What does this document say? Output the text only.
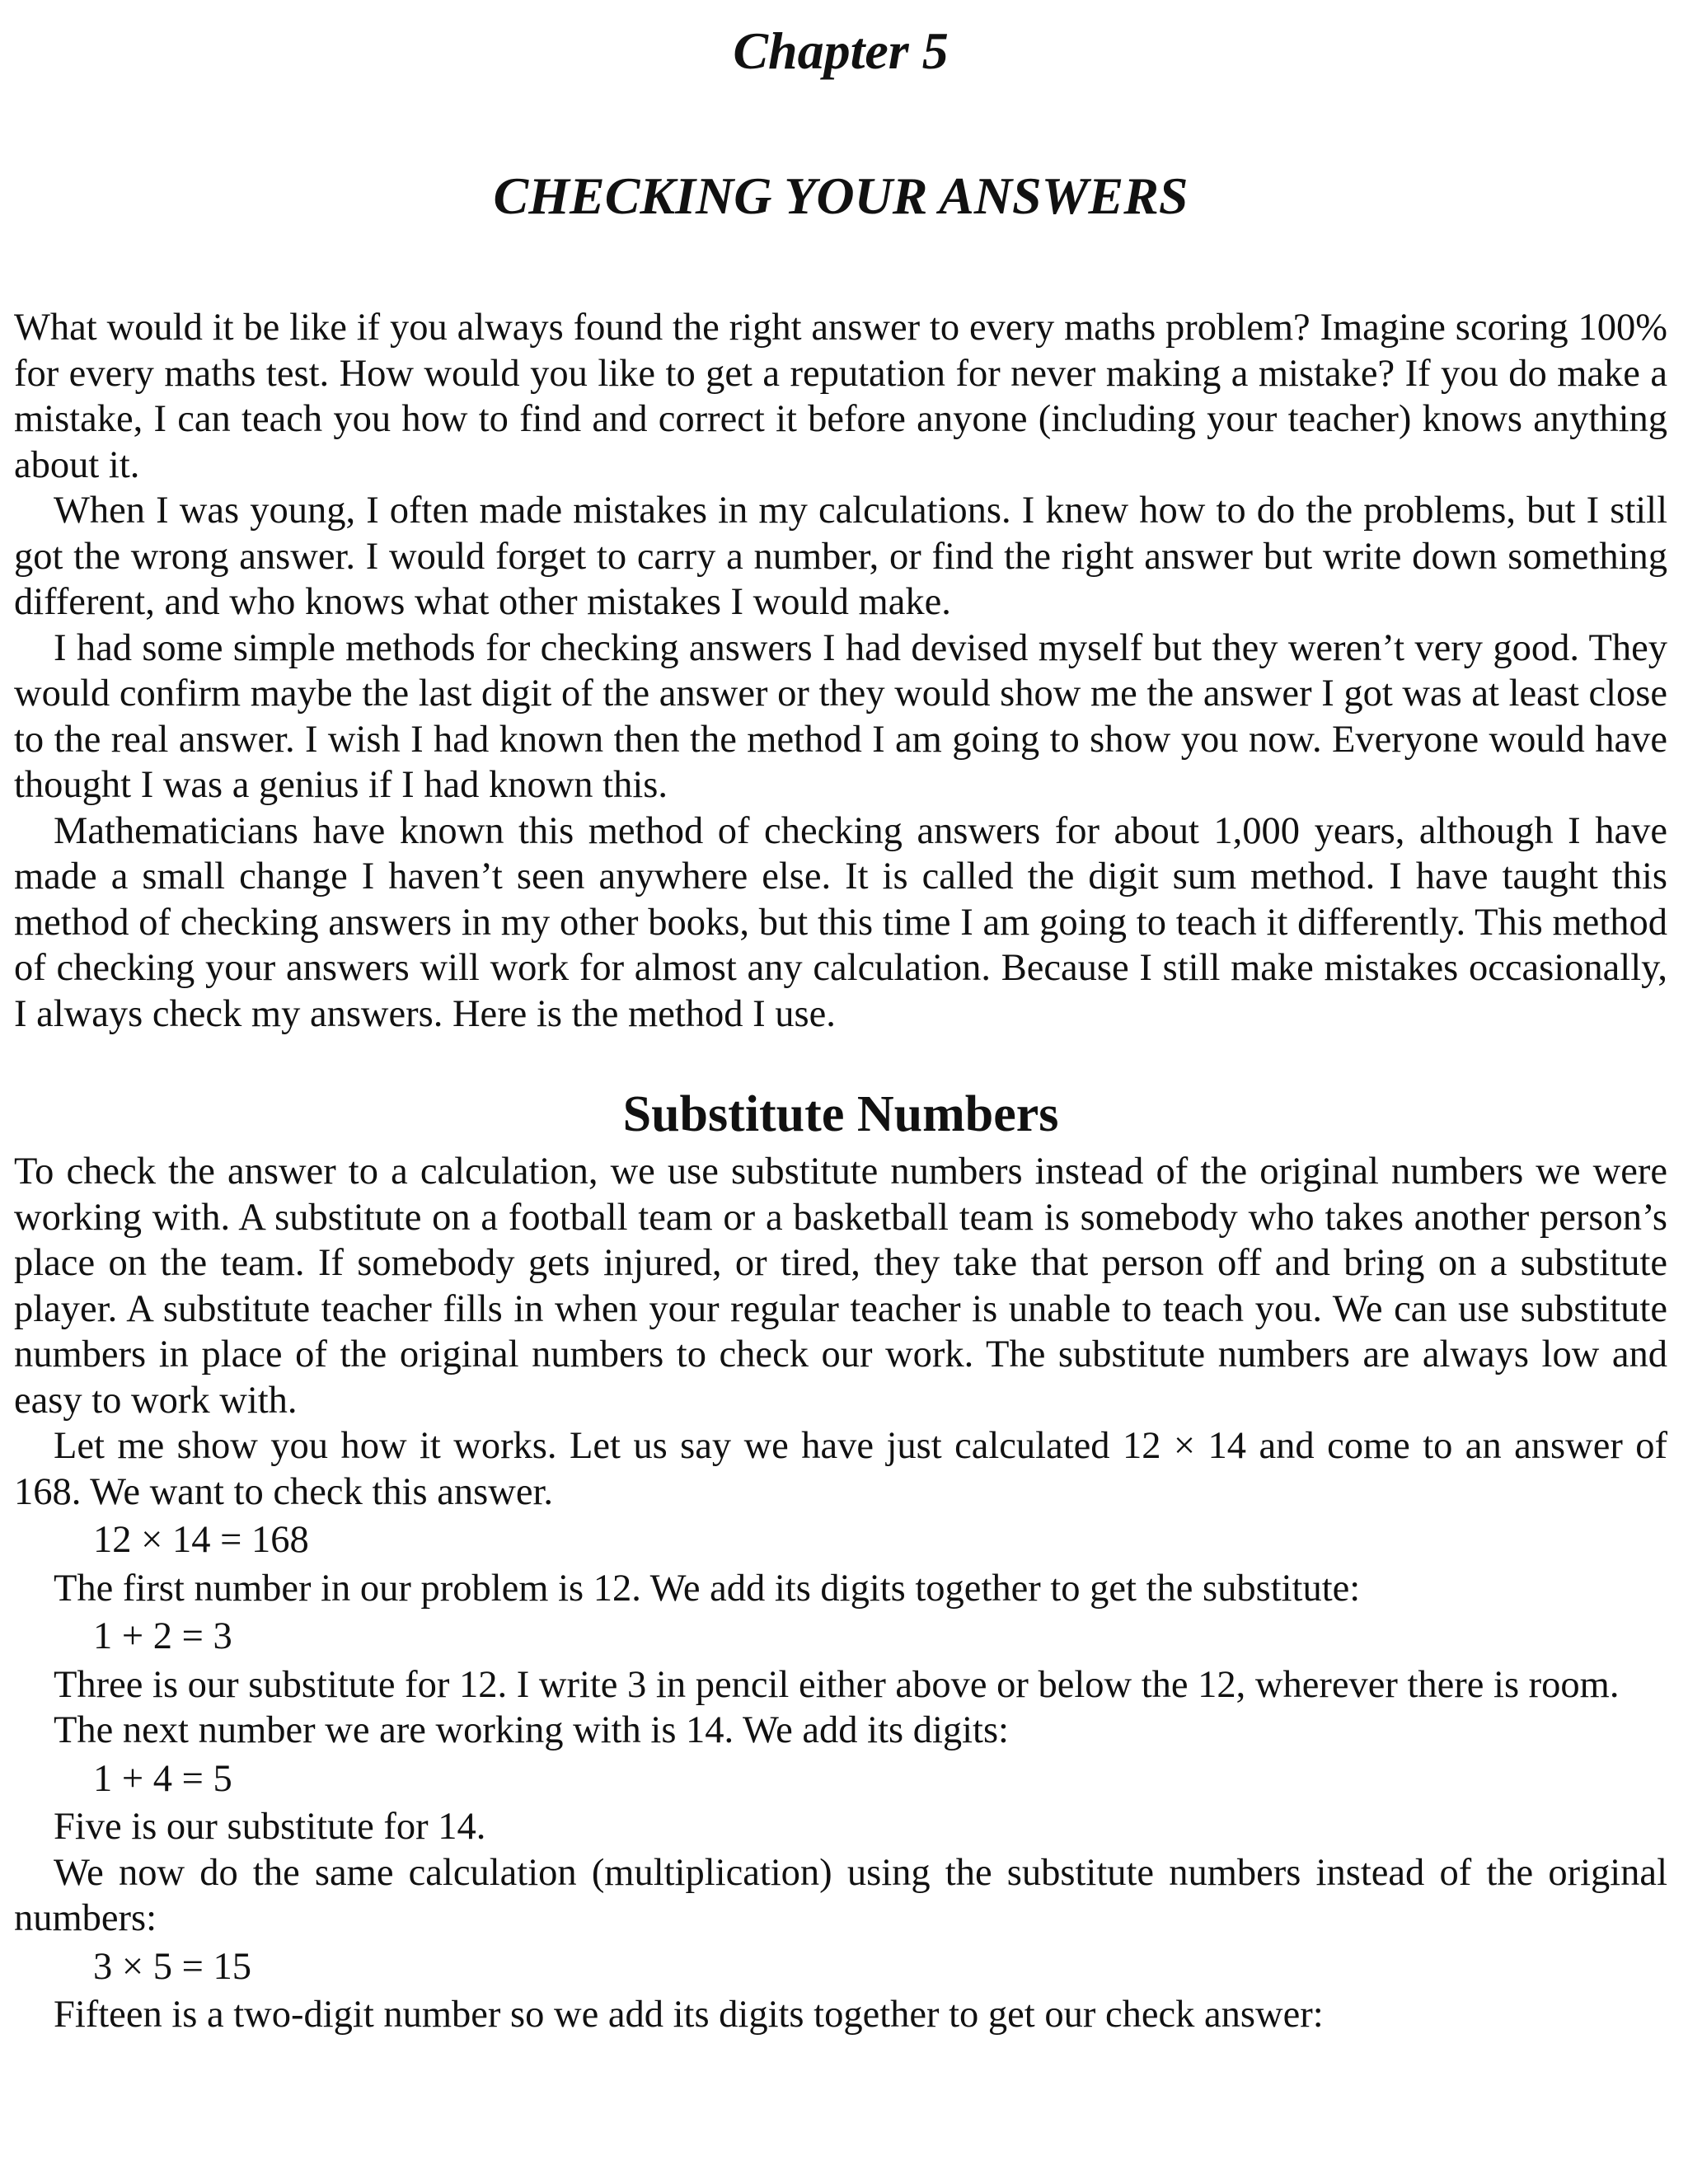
Chapter 5
CHECKING YOUR ANSWERS

What would it be like if you always found the right answer to every maths problem? Imagine scoring 100% for every maths test. How would you like to get a reputation for never making a mistake? If you do make a mistake, I can teach you how to find and correct it before anyone (including your teacher) knows anything about it.

When I was young, I often made mistakes in my calculations. I knew how to do the problems, but I still got the wrong answer. I would forget to carry a number, or find the right answer but write down something different, and who knows what other mistakes I would make.

I had some simple methods for checking answers I had devised myself but they weren’t very good. They would confirm maybe the last digit of the answer or they would show me the answer I got was at least close to the real answer. I wish I had known then the method I am going to show you now. Everyone would have thought I was a genius if I had known this.

Mathematicians have known this method of checking answers for about 1,000 years, although I have made a small change I haven’t seen anywhere else. It is called the digit sum method. I have taught this method of checking answers in my other books, but this time I am going to teach it differently. This method of checking your answers will work for almost any calculation. Because I still make mistakes occasionally, I always check my answers. Here is the method I use.

Substitute Numbers

To check the answer to a calculation, we use substitute numbers instead of the original numbers we were working with. A substitute on a football team or a basketball team is somebody who takes another person’s place on the team. If somebody gets injured, or tired, they take that person off and bring on a substitute player. A substitute teacher fills in when your regular teacher is unable to teach you. We can use substitute numbers in place of the original numbers to check our work. The substitute numbers are always low and easy to work with.

Let me show you how it works. Let us say we have just calculated 12 × 14 and come to an answer of 168. We want to check this answer.

12 × 14 = 168

The first number in our problem is 12. We add its digits together to get the substitute:

1 + 2 = 3

Three is our substitute for 12. I write 3 in pencil either above or below the 12, wherever there is room.

The next number we are working with is 14. We add its digits:

1 + 4 = 5

Five is our substitute for 14.

We now do the same calculation (multiplication) using the substitute numbers instead of the original numbers:

3 × 5 = 15

Fifteen is a two-digit number so we add its digits together to get our check answer:
